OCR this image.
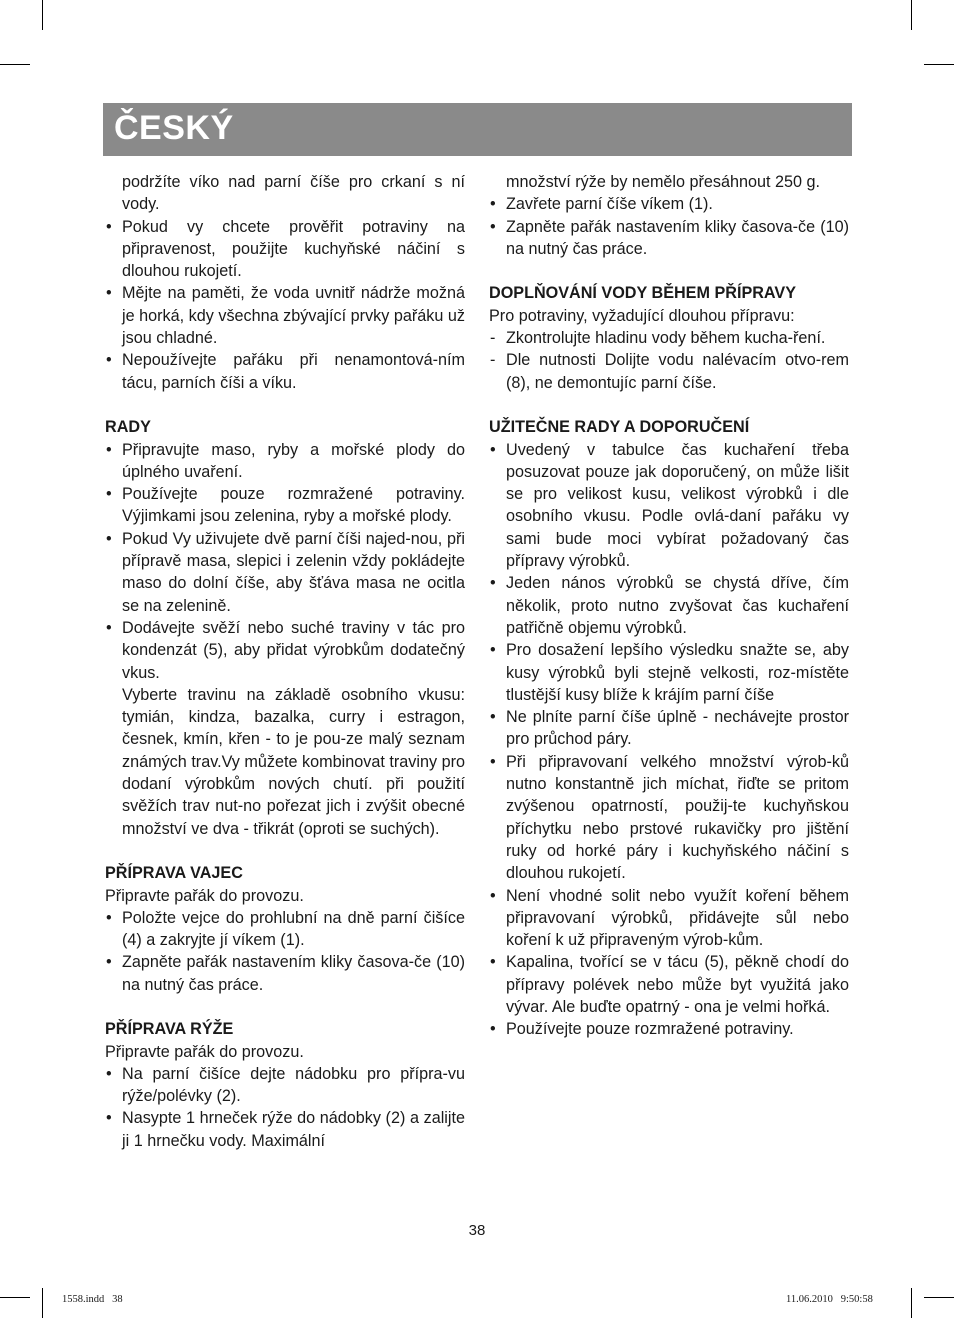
ČESKÝ
podržíte víko nad parní číše pro crkaní s ní vody.
• Pokud vy chcete prověřit potraviny na připravenost, použijte kuchyňské náčiní s dlouhou rukojetí.
• Mějte na paměti, že voda uvnitř nádrže možná je horká, kdy všechna zbývající prvky pařáku už jsou chladné.
• Nepoužívejte pařáku při nenamontová-ním tácu, parních číši a víku.
RADY
• Připravujte maso, ryby a mořské plody do úplného uvaření.
• Používejte pouze rozmražené potraviny. Výjimkami jsou zelenina, ryby a mořské plody.
• Pokud Vy uživujete dvě parní číši najed-nou, při přípravě masa, slepici i zelenin vždy pokládejte maso do dolní číše, aby šťáva masa ne ocitla se na zelenině.
• Dodávejte svěží nebo suché traviny v tác pro kondenzát (5), aby přidat výrobkům dodatečný vkus.
Vyberte travinu na základě osobního vkusu: tymián, kindza, bazalka, curry i estragon, česnek, kmín, křen - to je pou-ze malý seznam známých trav.Vy můžete kombinovat traviny pro dodaní výrobkům nových chutí. při použití svěžích trav nut-no pořezat jich i zvýšit obecné množství ve dva - třikrát (oproti se suchých).
PŘÍPRAVA VAJEC
Připravte pařák do provozu.
• Položte vejce do prohlubní na dně parní čišíce (4) a zakryjte jí víkem (1).
• Zapněte pařák nastavením kliky časova-če (10) na nutný čas práce.
PŘÍPRAVA RÝŽE
Připravte pařák do provozu.
• Na parní čišíce dejte nádobku pro přípra-vu rýže/polévky (2).
• Nasypte 1 hrneček rýže do nádobky (2) a zalijte ji 1 hrnečku vody. Maximální
množství rýže by nemělo přesáhnout 250 g.
• Zavřete parní číše víkem (1).
• Zapněte pařák nastavením kliky časova-če (10) na nutný čas práce.
DOPLŇOVÁNÍ VODY BĚHEM PŘÍPRAVY
Pro potraviny, vyžadující dlouhou přípravu:
- Zkontrolujte hladinu vody během kucha-ření.
- Dle nutnosti Dolijte vodu nalévacím otvo-rem (8), ne demontujíc parní číše.
UŽITEČNE RADY A DOPORUČENÍ
• Uvedený v tabulce čas kuchaření třeba posuzovat pouze jak doporučený, on může lišit se pro velikost kusu, velikost výrobků i dle osobního vkusu. Podle ovlá-daní pařáku vy sami bude moci vybírat požadovaný čas přípravy výrobků.
• Jeden nános výrobků se chystá dříve, čím několik, proto nutno zvyšovat čas kuchaření patřičně objemu výrobků.
• Pro dosažení lepšího výsledku snažte se, aby kusy výrobků byli stejně velkosti, roz-místěte tlustější kusy blíže k krájím parní číše
• Ne plníte parní číše úplně - nechávejte prostor pro průchod páry.
• Při připravovaní velkého množství výrob-ků nutno konstantně jich míchat, řiďte se pritom zvýšenou opatrností, použij-te kuchyňskou příchytku nebo prstové rukavičky pro jištění ruky od horké páry i kuchyňského náčiní s dlouhou rukojetí.
• Není vhodné solit nebo využít koření během připravovaní výrobků, přidávejte sůl nebo koření k už připraveným výrob-kům.
• Kapalina, tvořící se v tácu (5), pěkně chodí do přípravy polévek nebo může byt využitá jako vývar. Ale buďte opatrný - ona je velmi hořká.
• Používejte pouze rozmražené potraviny.
38
1558.indd   38	11.06.2010   9:50:58
